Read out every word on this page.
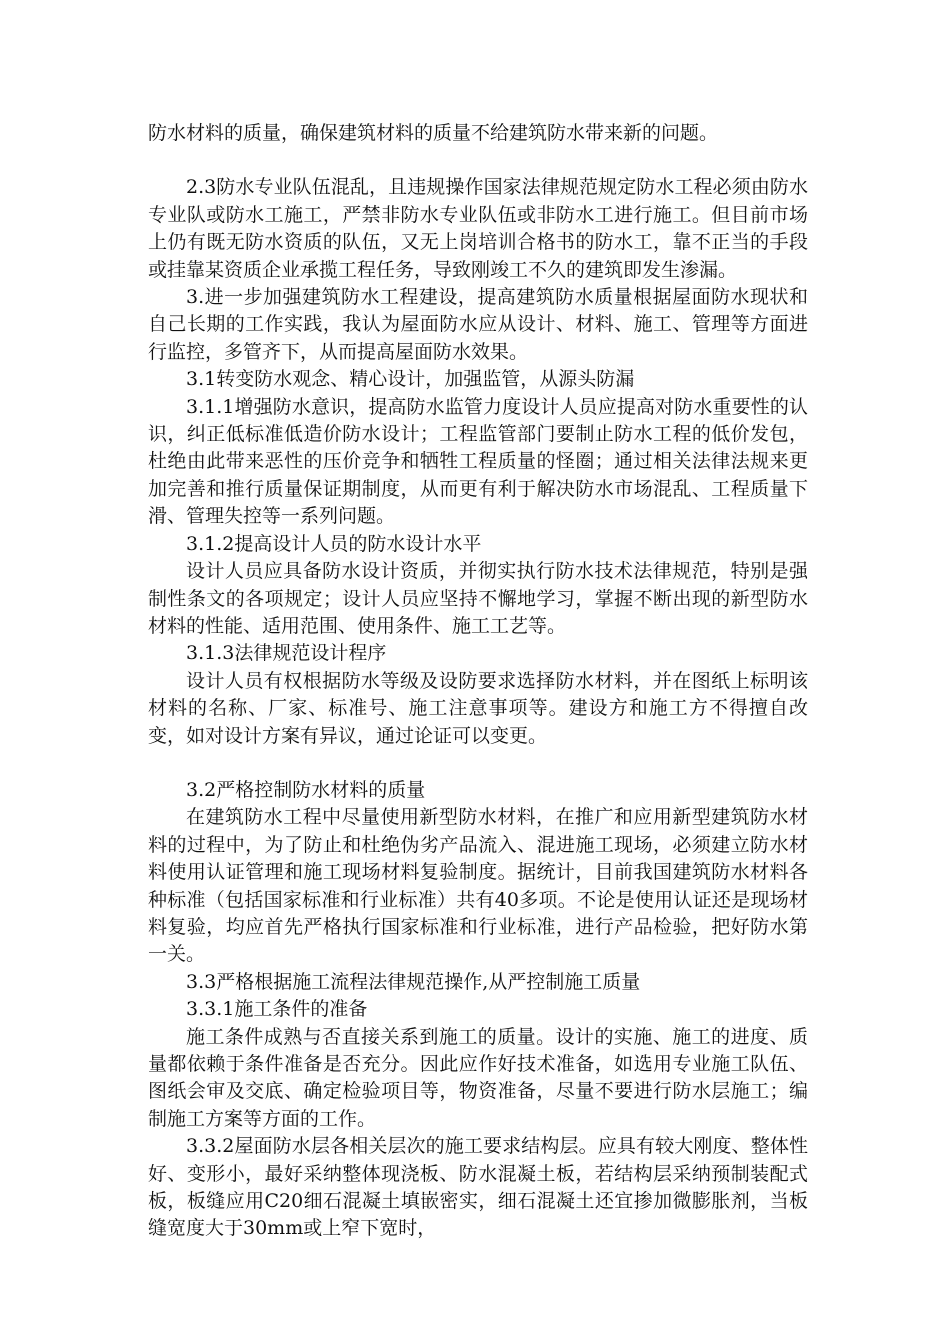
防水材料的质量，确保建筑材料的质量不给建筑防水带来新的问题。

2.3防水专业队伍混乱，且违规操作国家法律规范规定防水工程必须由防水专业队或防水工施工，严禁非防水专业队伍或非防水工进行施工。但目前市场上仍有既无防水资质的队伍，又无上岗培训合格书的防水工，靠不正当的手段或挂靠某资质企业承揽工程任务，导致刚竣工不久的建筑即发生渗漏。

3.进一步加强建筑防水工程建设，提高建筑防水质量根据屋面防水现状和自己长期的工作实践，我认为屋面防水应从设计、材料、施工、管理等方面进行监控，多管齐下，从而提高屋面防水效果。

3.1转变防水观念、精心设计，加强监管，从源头防漏

3.1.1增强防水意识，提高防水监管力度设计人员应提高对防水重要性的认识，纠正低标准低造价防水设计；工程监管部门要制止防水工程的低价发包，杜绝由此带来恶性的压价竞争和牺牲工程质量的怪圈；通过相关法律法规来更加完善和推行质量保证期制度，从而更有利于解决防水市场混乱、工程质量下滑、管理失控等一系列问题。

3.1.2提高设计人员的防水设计水平

设计人员应具备防水设计资质，并彻实执行防水技术法律规范，特别是强制性条文的各项规定；设计人员应坚持不懈地学习，掌握不断出现的新型防水材料的性能、适用范围、使用条件、施工工艺等。

3.1.3法律规范设计程序

设计人员有权根据防水等级及设防要求选择防水材料，并在图纸上标明该材料的名称、厂家、标准号、施工注意事项等。建设方和施工方不得擅自改变，如对设计方案有异议，通过论证可以变更。

3.2严格控制防水材料的质量

在建筑防水工程中尽量使用新型防水材料，在推广和应用新型建筑防水材料的过程中，为了防止和杜绝伪劣产品流入、混进施工现场，必须建立防水材料使用认证管理和施工现场材料复验制度。据统计，目前我国建筑防水材料各种标准（包括国家标准和行业标准）共有40多项。不论是使用认证还是现场材料复验，均应首先严格执行国家标准和行业标准，进行产品检验，把好防水第一关。

3.3严格根据施工流程法律规范操作,从严控制施工质量

3.3.1施工条件的准备

施工条件成熟与否直接关系到施工的质量。设计的实施、施工的进度、质量都依赖于条件准备是否充分。因此应作好技术准备，如选用专业施工队伍、图纸会审及交底、确定检验项目等，物资准备，尽量不要进行防水层施工；编制施工方案等方面的工作。

3.3.2屋面防水层各相关层次的施工要求结构层。应具有较大刚度、整体性好、变形小，最好采纳整体现浇板、防水混凝土板，若结构层采纳预制装配式板，板缝应用C20细石混凝土填嵌密实，细石混凝土还宜掺加微膨胀剂，当板缝宽度大于30mm或上窄下宽时，
